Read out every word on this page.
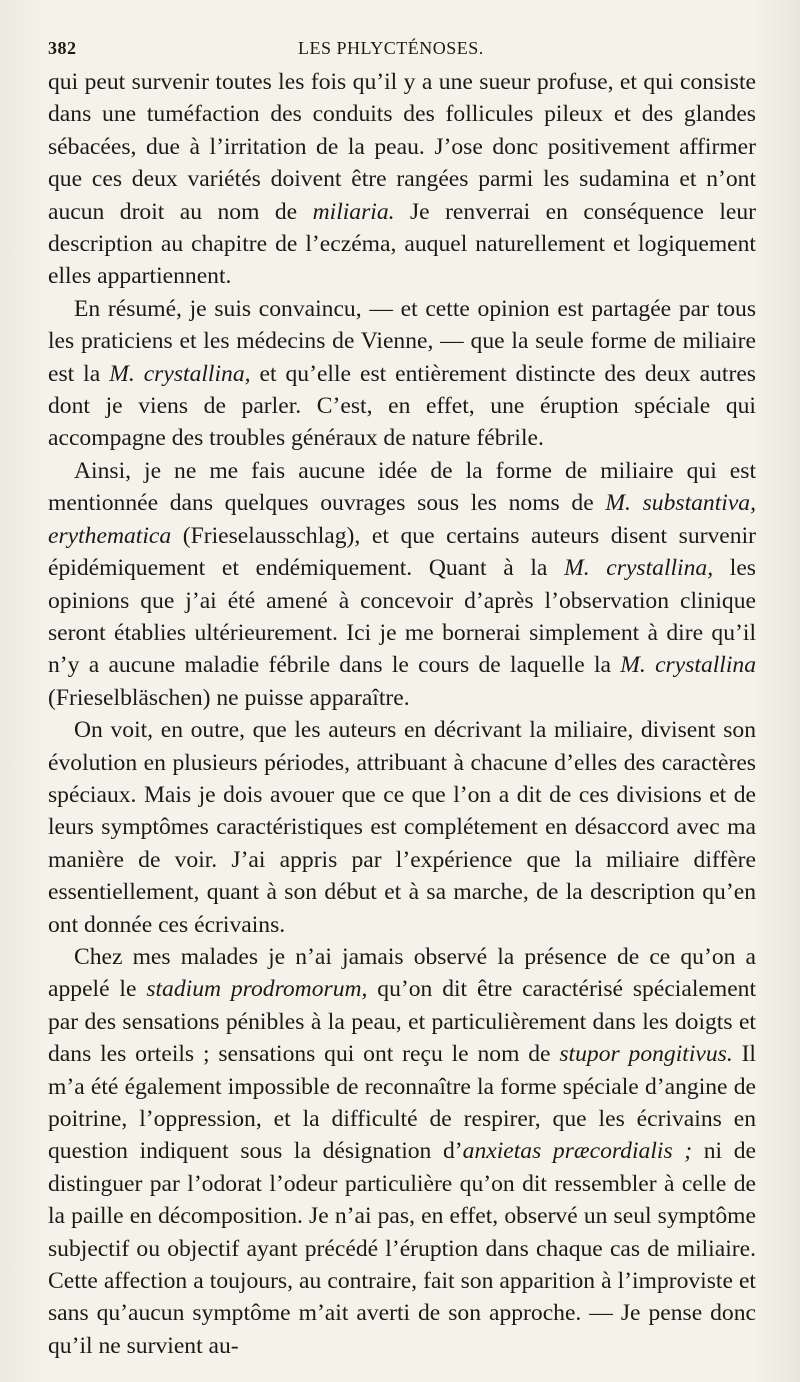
382	LES PHLYCTÉNOSES.

qui peut survenir toutes les fois qu’il y a une sueur profuse, et qui consiste dans une tuméfaction des conduits des follicules pileux et des glandes sébacées, due à l’irritation de la peau. J’ose donc positivement affirmer que ces deux variétés doivent être rangées parmi les sudamina et n’ont aucun droit au nom de miliaria. Je renverrai en conséquence leur description au chapitre de l’eczéma, auquel naturellement et logiquement elles appartiennent.

En résumé, je suis convaincu, — et cette opinion est partagée par tous les praticiens et les médecins de Vienne, — que la seule forme de miliaire est la M. crystallina, et qu’elle est entièrement distincte des deux autres dont je viens de parler. C’est, en effet, une éruption spéciale qui accompagne des troubles généraux de nature fébrile.

Ainsi, je ne me fais aucune idée de la forme de miliaire qui est mentionnée dans quelques ouvrages sous les noms de M. substantiva, erythematica (Frieselausschlag), et que certains auteurs disent survenir épidémiquement et endémiquement. Quant à la M. crystallina, les opinions que j’ai été amené à concevoir d’après l’observation clinique seront établies ultérieurement. Ici je me bornerai simplement à dire qu’il n’y a aucune maladie fébrile dans le cours de laquelle la M. crystallina (Frieselbläschen) ne puisse apparaître.

On voit, en outre, que les auteurs en décrivant la miliaire, divisent son évolution en plusieurs périodes, attribuant à chacune d’elles des caractères spéciaux. Mais je dois avouer que ce que l’on a dit de ces divisions et de leurs symptômes caractéristiques est complétement en désaccord avec ma manière de voir. J’ai appris par l’expérience que la miliaire diffère essentiellement, quant à son début et à sa marche, de la description qu’en ont donnée ces écrivains.

Chez mes malades je n’ai jamais observé la présence de ce qu’on a appelé le stadium prodromorum, qu’on dit être caractérisé spécialement par des sensations pénibles à la peau, et particulièrement dans les doigts et dans les orteils ; sensations qui ont reçu le nom de stupor pongitivus. Il m’a été également impossible de reconnaître la forme spéciale d’angine de poitrine, l’oppression, et la difficulté de respirer, que les écrivains en question indiquent sous la désignation d’anxietas præcordialis ; ni de distinguer par l’odorat l’odeur particulière qu’on dit ressembler à celle de la paille en décomposition. Je n’ai pas, en effet, observé un seul symptôme subjectif ou objectif ayant précédé l’éruption dans chaque cas de miliaire. Cette affection a toujours, au contraire, fait son apparition à l’improviste et sans qu’aucun symptôme m’ait averti de son approche. — Je pense donc qu’il ne survient au-
